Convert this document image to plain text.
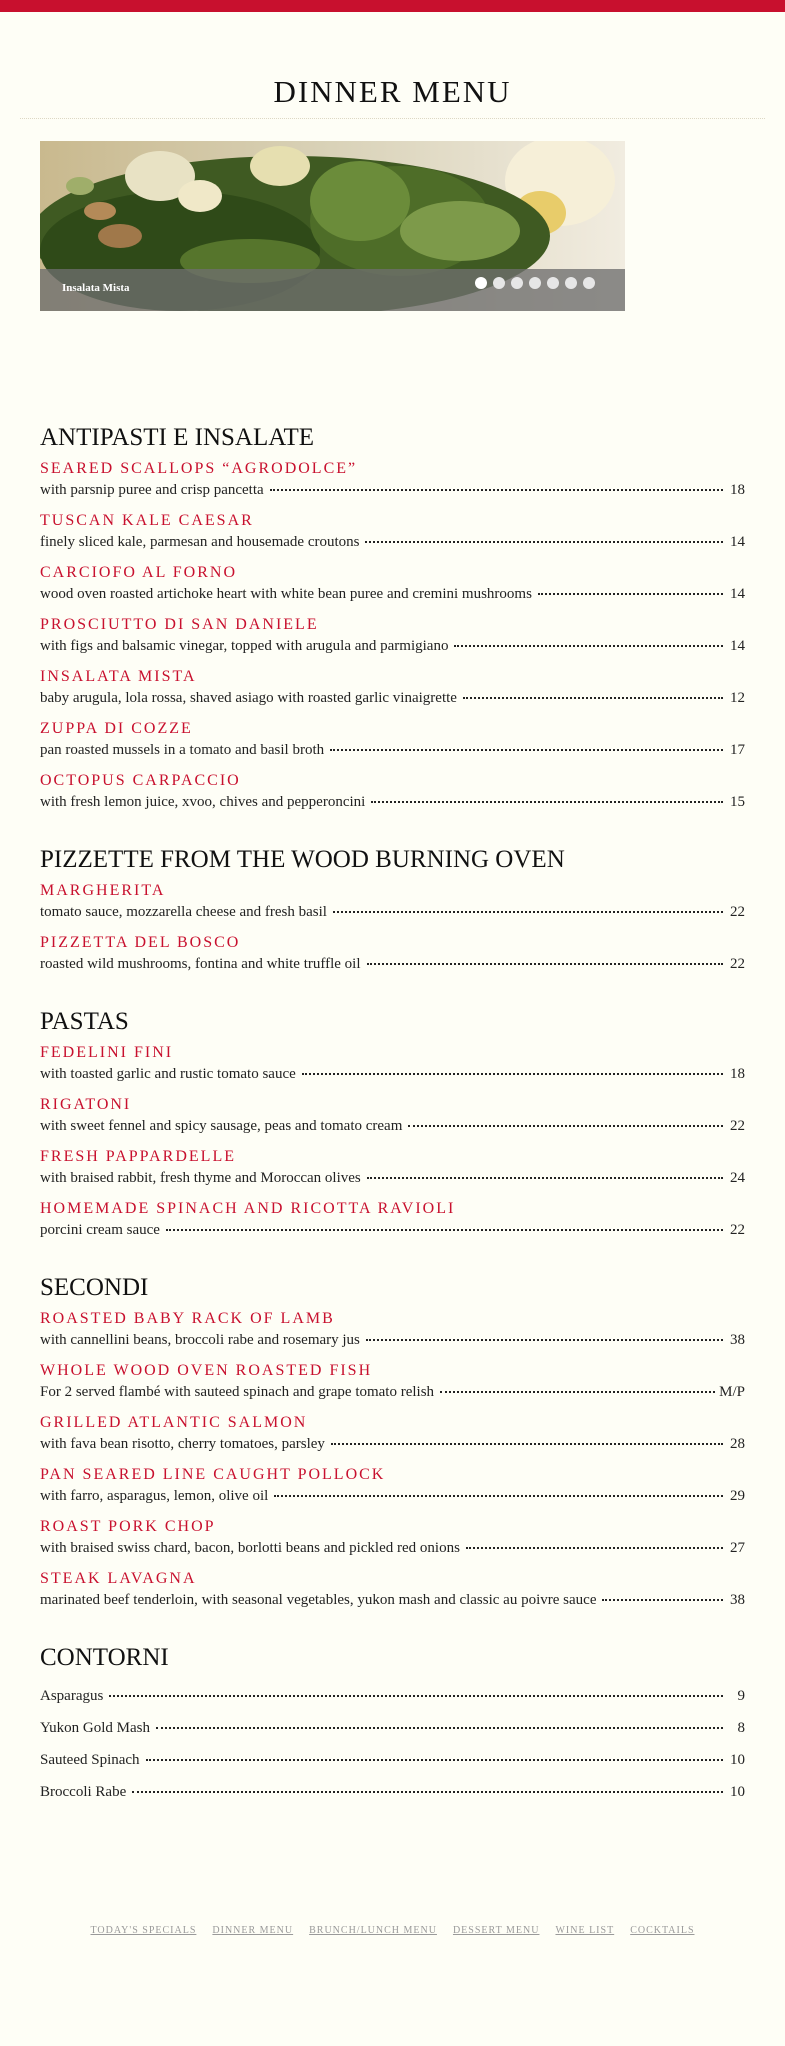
DINNER MENU
Insalata Mista
ANTIPASTI E INSALATE
SEARED SCALLOPS “AGRODOLCE”
with parsnip puree and crisp pancetta	18
TUSCAN KALE CAESAR
finely sliced kale, parmesan and housemade croutons	14
CARCIOFO AL FORNO
wood oven roasted artichoke heart with white bean puree and cremini mushrooms	14
PROSCIUTTO DI SAN DANIELE
with figs and balsamic vinegar, topped with arugula and parmigiano	14
INSALATA MISTA
baby arugula, lola rossa, shaved asiago with roasted garlic vinaigrette	12
ZUPPA DI COZZE
pan roasted mussels in a tomato and basil broth	17
OCTOPUS CARPACCIO
with fresh lemon juice, xvoo, chives and pepperoncini	15
PIZZETTE FROM THE WOOD BURNING OVEN
MARGHERITA
tomato sauce, mozzarella cheese and fresh basil	22
PIZZETTA DEL BOSCO
roasted wild mushrooms, fontina and white truffle oil	22
PASTAS
FEDELINI FINI
with toasted garlic and rustic tomato sauce	18
RIGATONI
with sweet fennel and spicy sausage, peas and tomato cream	22
FRESH PAPPARDELLE
with braised rabbit, fresh thyme and Moroccan olives	24
HOMEMADE SPINACH AND RICOTTA RAVIOLI
porcini cream sauce	22
SECONDI
ROASTED BABY RACK OF LAMB
with cannellini beans, broccoli rabe and rosemary jus	38
WHOLE WOOD OVEN ROASTED FISH
For 2 served flambé with sauteed spinach and grape tomato relish	M/P
GRILLED ATLANTIC SALMON
with fava bean risotto, cherry tomatoes, parsley	28
PAN SEARED LINE CAUGHT POLLOCK
with farro, asparagus, lemon, olive oil	29
ROAST PORK CHOP
with braised swiss chard, bacon, borlotti beans and pickled red onions	27
STEAK LAVAGNA
marinated beef tenderloin, with seasonal vegetables, yukon mash and classic au poivre sauce	38
CONTORNI
Asparagus	9
Yukon Gold Mash	8
Sauteed Spinach	10
Broccoli Rabe	10
TODAY'S SPECIALS DINNER MENU BRUNCH/LUNCH MENU DESSERT MENU WINE LIST COCKTAILS
